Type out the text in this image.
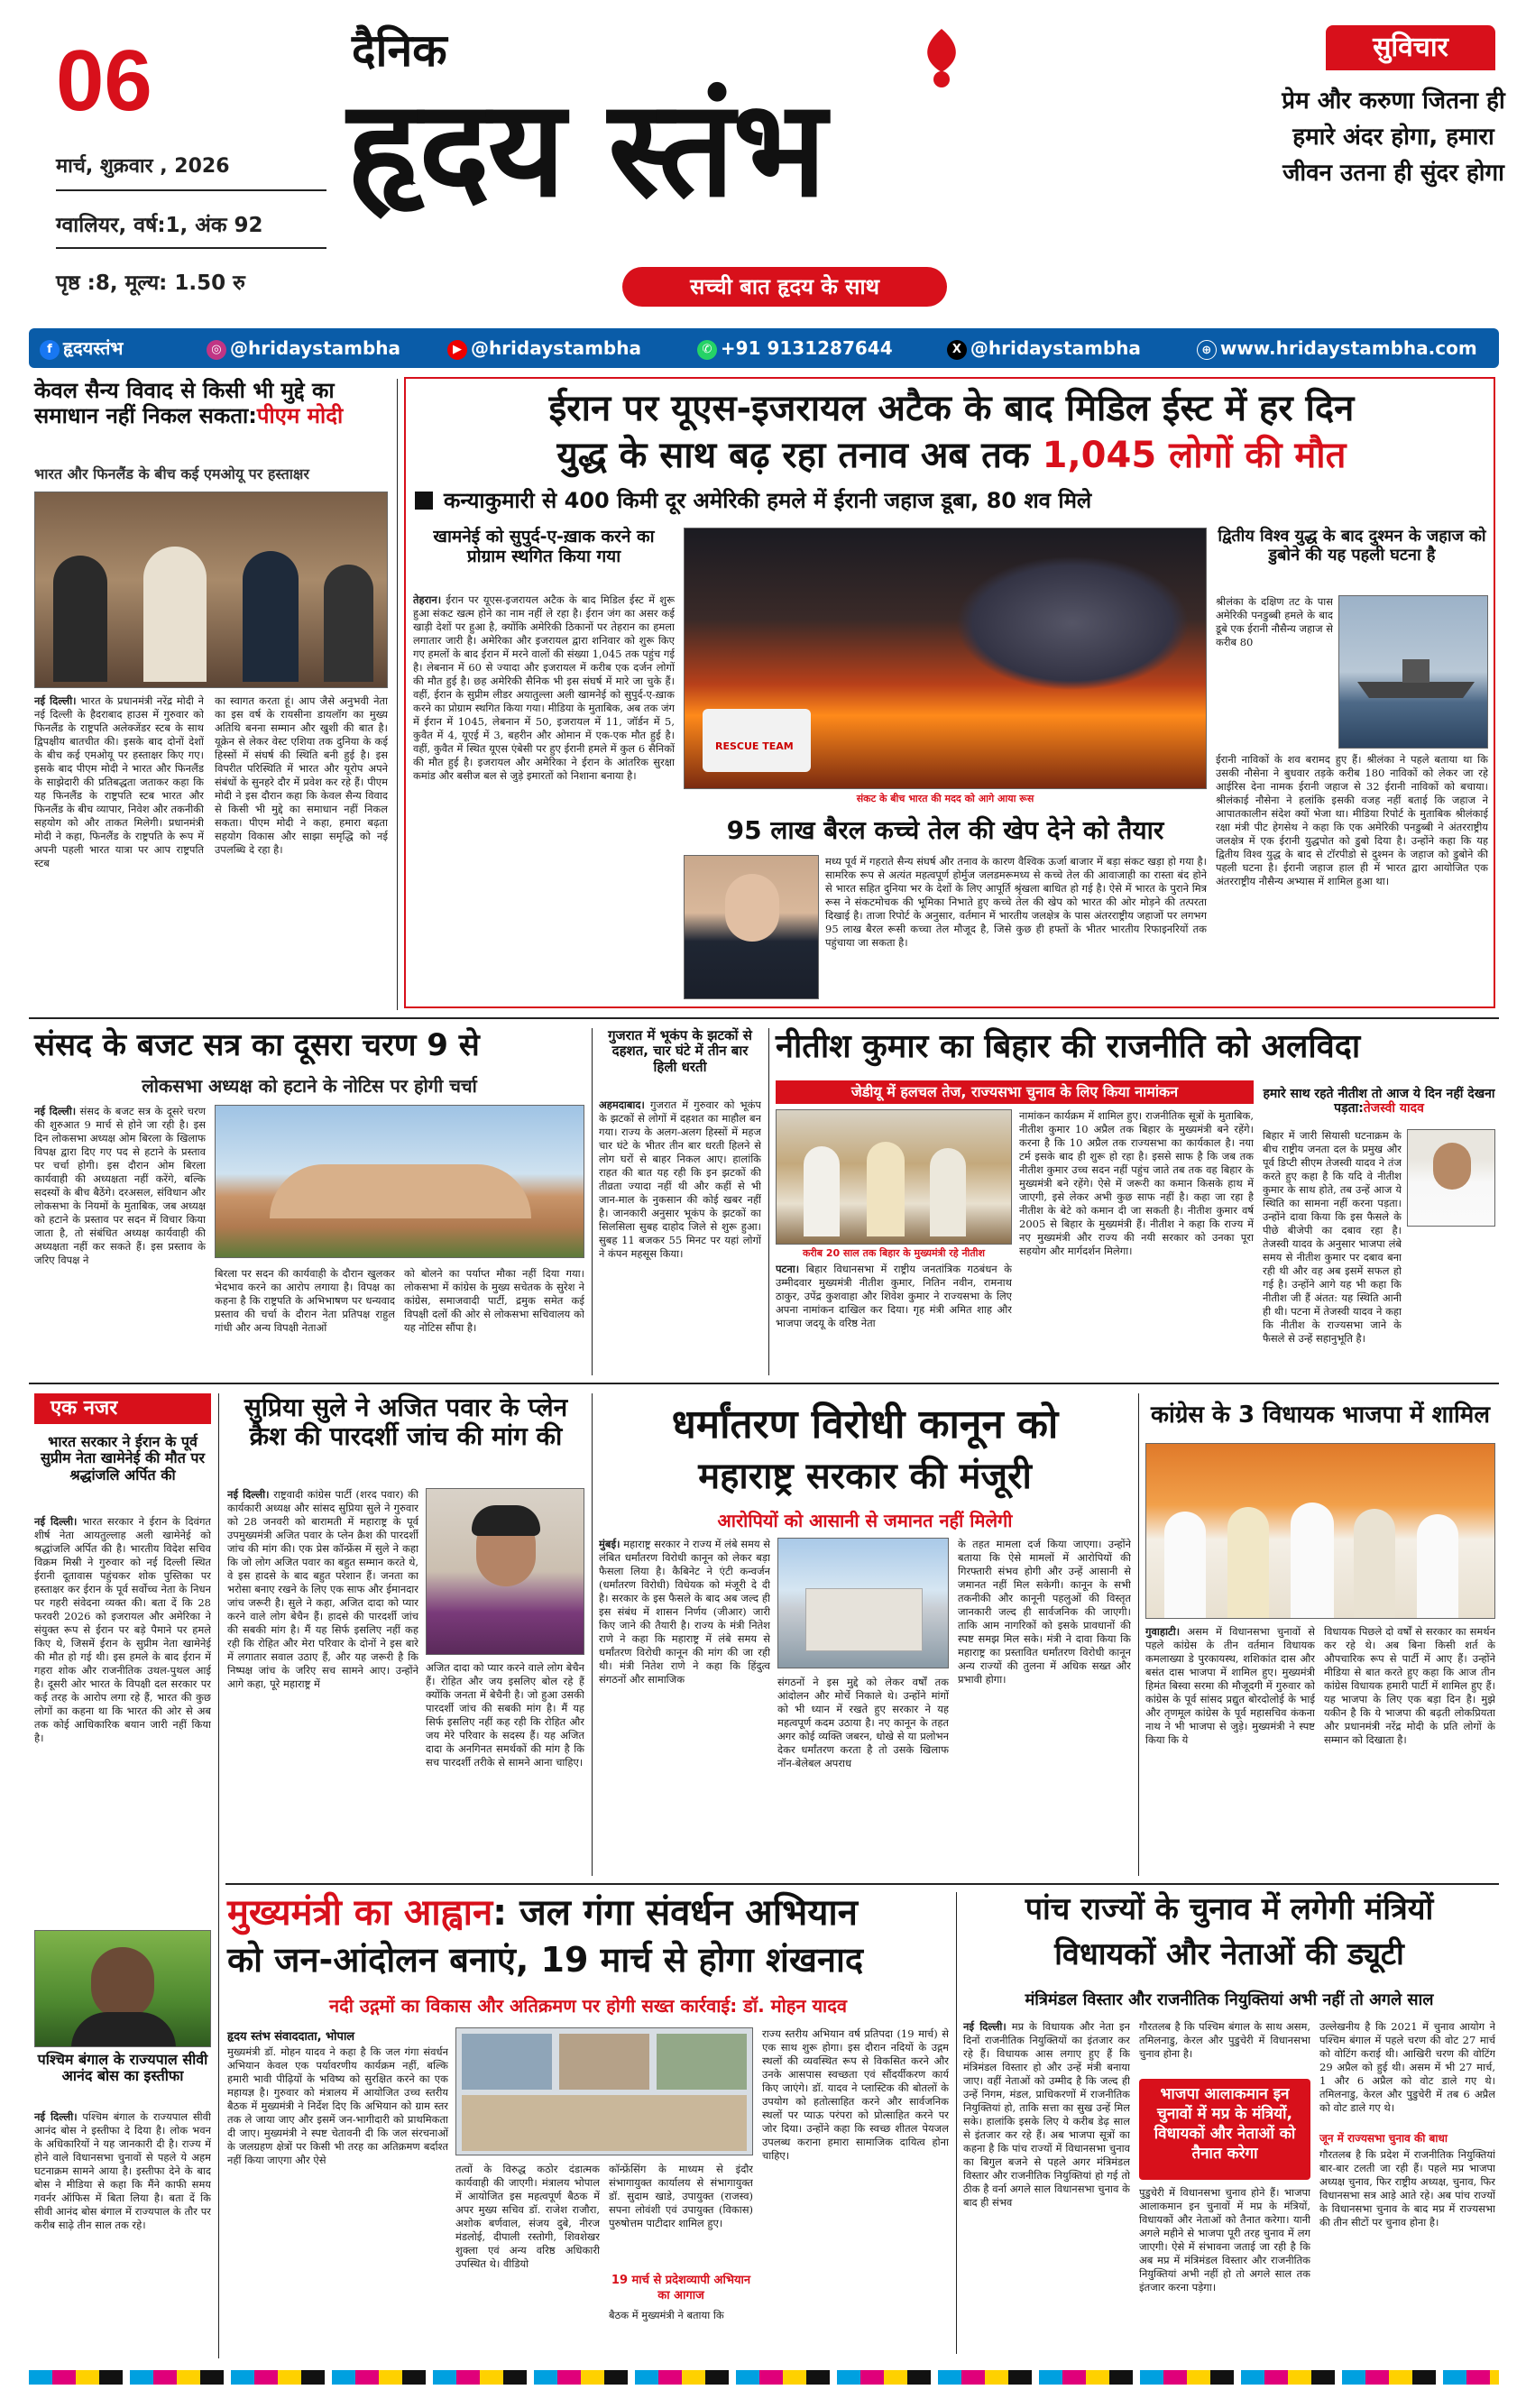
06
मार्च, शुक्रवार , 2026
ग्वालियर, वर्ष:1, अंक 92
पृष्ठ :8, मूल्य: 1.50 रु
दैनिक
हृदय स्तंभ
सच्ची बात हृदय के साथ
सुविचार
प्रेम और करुणा जितना ही हमारे अंदर होगा, हमारा जीवन उतना ही सुंदर होगा
f हृदयस्तंभ	◎ @hridaystambha	▶ @hridaystambha	✆ +91 9131287644	X @hridaystambha	⊕ www.hridaystambha.com
केवल सैन्य विवाद से किसी भी मुद्दे का समाधान नहीं निकल सकता:पीएम मोदी
भारत और फिनलैंड के बीच कई एमओयू पर हस्ताक्षर
नई दिल्ली। भारत के प्रधानमंत्री नरेंद्र मोदी ने नई दिल्ली के हैदराबाद हाउस में गुरुवार को फिनलैंड के राष्ट्रपति अलेक्जेंडर स्टब के साथ द्विपक्षीय बातचीत की। इसके बाद दोनों देशों के बीच कई एमओयू पर हस्ताक्षर किए गए। इसके बाद पीएम मोदी ने भारत और फिनलैंड के साझेदारी की प्रतिबद्धता जताकर कहा कि यह फिनलैंड के राष्ट्रपति स्टब भारत और फिनलैंड के बीच व्यापार, निवेश और तकनीकी सहयोग को और ताकत मिलेगी। प्रधानमंत्री मोदी ने कहा, फिनलैंड के राष्ट्रपति के रूप में अपनी पहली भारत यात्रा पर आप राष्ट्रपति स्टब
का स्वागत करता हूं। आप जैसे अनुभवी नेता का इस वर्ष के रायसीना डायलॉग का मुख्य अतिथि बनना सम्मान और खुशी की बात है। यूक्रेन से लेकर वेस्ट एशिया तक दुनिया के कई हिस्सों में संघर्ष की स्थिति बनी हुई है। इस विपरीत परिस्थिति में भारत और यूरोप अपने संबंधों के सुनहरे दौर में प्रवेश कर रहे हैं। पीएम मोदी ने इस दौरान कहा कि केवल सैन्य विवाद से किसी भी मुद्दे का समाधान नहीं निकल सकता। पीएम मोदी ने कहा, हमारा बढ़ता सहयोग विकास और साझा समृद्धि को नई उपलब्धि दे रहा है।
ईरान पर यूएस-इजरायल अटैक के बाद मिडिल ईस्ट में हर दिन
युद्ध के साथ बढ़ रहा तनाव अब तक 1,045 लोगों की मौत
कन्याकुमारी से 400 किमी दूर अमेरिकी हमले में ईरानी जहाज डूबा, 80 शव मिले
खामनेई को सुपुर्द-ए-ख़ाक करने का प्रोग्राम स्थगित किया गया
तेहरान। ईरान पर यूएस-इजरायल अटैक के बाद मिडिल ईस्ट में शुरू हुआ संकट खत्म होने का नाम नहीं ले रहा है। ईरान जंग का असर कई खाड़ी देशों पर हुआ है, क्योंकि अमेरिकी ठिकानों पर तेहरान का हमला लगातार जारी है। अमेरिका और इजरायल द्वारा शनिवार को शुरू किए गए हमलों के बाद ईरान में मरने वालों की संख्या 1,045 तक पहुंच गई है। लेबनान में 60 से ज्यादा और इजरायल में करीब एक दर्जन लोगों की मौत हुई है। छह अमेरिकी सैनिक भी इस संघर्ष में मारे जा चुके हैं। वहीं, ईरान के सुप्रीम लीडर अयातुल्ला अली खामनेई को सुपुर्द-ए-ख़ाक करने का प्रोग्राम स्थगित किया गया। मीडिया के मुताबिक, अब तक जंग में ईरान में 1045, लेबनान में 50, इजरायल में 11, जॉर्डन में 5, कुवैत में 4, यूएई में 3, बहरीन और ओमान में एक-एक मौत हुई है। वहीं, कुवैत में स्थित यूएस एंबेसी पर हुए ईरानी हमले में कुल 6 सैनिकों की मौत हुई है। इजरायल और अमेरिका ने ईरान के आंतरिक सुरक्षा कमांड और बसीज बल से जुड़े इमारतों को निशाना बनाया है।
RESCUE TEAM
संकट के बीच भारत की मदद को आगे आया रूस
95 लाख बैरल कच्चे तेल की खेप देने को तैयार
मध्य पूर्व में गहराते सैन्य संघर्ष और तनाव के कारण वैश्विक ऊर्जा बाजार में बड़ा संकट खड़ा हो गया है। सामरिक रूप से अत्यंत महत्वपूर्ण होर्मुज जलडमरूमध्य से कच्चे तेल की आवाजाही का रास्ता बंद होने से भारत सहित दुनिया भर के देशों के लिए आपूर्ति श्रृंखला बाधित हो गई है। ऐसे में भारत के पुराने मित्र रूस ने संकटमोचक की भूमिका निभाते हुए कच्चे तेल की खेप को भारत की ओर मोड़ने की तत्परता दिखाई है। ताजा रिपोर्ट के अनुसार, वर्तमान में भारतीय जलक्षेत्र के पास अंतरराष्ट्रीय जहाजों पर लगभग 95 लाख बैरल रूसी कच्चा तेल मौजूद है, जिसे कुछ ही हफ्तों के भीतर भारतीय रिफाइनरियों तक पहुंचाया जा सकता है।
द्वितीय विश्व युद्ध के बाद दुश्मन के जहाज को डुबोने की यह पहली घटना है
श्रीलंका के दक्षिण तट के पास अमेरिकी पनडुब्बी हमले के बाद डूबे एक ईरानी नौसैन्य जहाज से करीब 80
ईरानी नाविकों के शव बरामद हुए हैं। श्रीलंका ने पहले बताया था कि उसकी नौसेना ने बुधवार तड़के करीब 180 नाविकों को लेकर जा रहे आईरिस देना नामक ईरानी जहाज से 32 ईरानी नाविकों को बचाया। श्रीलंकाई नौसेना ने हलांकि इसकी वजह नहीं बताई कि जहाज ने आपातकालीन संदेश क्यों भेजा था। मीडिया रिपोर्ट के मुताबिक श्रीलंकाई रक्षा मंत्री पीट हेगसेथ ने कहा कि एक अमेरिकी पनडुब्बी ने अंतरराष्ट्रीय जलक्षेत्र में एक ईरानी युद्धपोत को डुबो दिया है। उन्होंने कहा कि यह द्वितीय विश्व युद्ध के बाद से टॉरपीडो से दुश्मन के जहाज को डुबोने की पहली घटना है। ईरानी जहाज हाल ही में भारत द्वारा आयोजित एक अंतरराष्ट्रीय नौसैन्य अभ्यास में शामिल हुआ था।
संसद के बजट सत्र का दूसरा चरण 9 से
लोकसभा अध्यक्ष को हटाने के नोटिस पर होगी चर्चा
नई दिल्ली। संसद के बजट सत्र के दूसरे चरण की शुरुआत 9 मार्च से होने जा रही है। इस दिन लोकसभा अध्यक्ष ओम बिरला के खिलाफ विपक्ष द्वारा दिए गए पद से हटाने के प्रस्ताव पर चर्चा होगी। इस दौरान ओम बिरला कार्यवाही की अध्यक्षता नहीं करेंगे, बल्कि सदस्यों के बीच बैठेंगे। दरअसल, संविधान और लोकसभा के नियमों के मुताबिक, जब अध्यक्ष को हटाने के प्रस्ताव पर सदन में विचार किया जाता है, तो संबंधित अध्यक्ष कार्यवाही की अध्यक्षता नहीं कर सकते हैं। इस प्रस्ताव के जरिए विपक्ष ने
बिरला पर सदन की कार्यवाही के दौरान खुलकर भेदभाव करने का आरोप लगाया है। विपक्ष का कहना है कि राष्ट्रपति के अभिभाषण पर धन्यवाद प्रस्ताव की चर्चा के दौरान नेता प्रतिपक्ष राहुल गांधी और अन्य विपक्षी नेताओं
को बोलने का पर्याप्त मौका नहीं दिया गया। लोकसभा में कांग्रेस के मुख्य सचेतक के सुरेश ने कांग्रेस, समाजवादी पार्टी, द्रमुक समेत कई विपक्षी दलों की ओर से लोकसभा सचिवालय को यह नोटिस सौंपा है।
गुजरात में भूकंप के झटकों से दहशत, चार घंटे में तीन बार हिली धरती
अहमदाबाद। गुजरात में गुरुवार को भूकंप के झटकों से लोगों में दहशत का माहौल बन गया। राज्य के अलग-अलग हिस्सों में महज चार घंटे के भीतर तीन बार धरती हिलने से लोग घरों से बाहर निकल आए। हालांकि राहत की बात यह रही कि इन झटकों की तीव्रता ज्यादा नहीं थी और कहीं से भी जान-माल के नुकसान की कोई खबर नहीं है। जानकारी अनुसार भूकंप के झटकों का सिलसिला सुबह दाहोद जिले से शुरू हुआ। सुबह 11 बजकर 55 मिनट पर यहां लोगों ने कंपन महसूस किया।
नीतीश कुमार का बिहार की राजनीति को अलविदा
जेडीयू में हलचल तेज, राज्यसभा चुनाव के लिए किया नामांकन
करीब 20 साल तक बिहार के मुख्यमंत्री रहे नीतीश
पटना। बिहार विधानसभा में राष्ट्रीय जनतांत्रिक गठबंधन के उम्मीदवार मुख्यमंत्री नीतीश कुमार, नितिन नवीन, रामनाथ ठाकुर, उपेंद्र कुशवाहा और शिवेश कुमार ने राज्यसभा के लिए अपना नामांकन दाखिल कर दिया। गृह मंत्री अमित शाह और भाजपा जदयू के वरिष्ठ नेता
नामांकन कार्यक्रम में शामिल हुए। राजनीतिक सूत्रों के मुताबिक, नीतीश कुमार 10 अप्रैल तक बिहार के मुख्यमंत्री बने रहेंगे। करना है कि 10 अप्रैल तक राज्यसभा का कार्यकाल है। नया टर्म इसके बाद ही शुरू हो रहा है। इससे साफ है कि जब तक नीतीश कुमार उच्च सदन नहीं पहुंच जाते तब तक वह बिहार के मुख्यमंत्री बने रहेंगे। ऐसे में जरूरी का कमान किसके हाथ में जाएगी, इसे लेकर अभी कुछ साफ नहीं है। कहा जा रहा है नीतीश के बेटे को कमान दी जा सकती है। नीतीश कुमार वर्ष 2005 से बिहार के मुख्यमंत्री हैं। नीतीश ने कहा कि राज्य में नए मुख्यमंत्री और राज्य की नयी सरकार को उनका पूरा सहयोग और मार्गदर्शन मिलेगा।
हमारे साथ रहते नीतीश तो आज ये दिन नहीं देखना पड़ता:तेजस्वी यादव
बिहार में जारी सियासी घटनाक्रम के बीच राष्ट्रीय जनता दल के प्रमुख और पूर्व डिप्टी सीएम तेजस्वी यादव ने तंज करते हुए कहा है कि यदि वे नीतीश कुमार के साथ होते, तब उन्हें आज ये स्थिति का सामना नहीं करना पड़ता। उन्होंने दावा किया कि इस फैसले के पीछे बीजेपी का दबाव रहा है। तेजस्वी यादव के अनुसार भाजपा लंबे समय से नीतीश कुमार पर दबाव बना रही थी और वह अब इसमें सफल हो गई है। उन्होंने आगे यह भी कहा कि नीतीश जी हैं अंतत: यह स्थिति आनी ही थी। पटना में तेजस्वी यादव ने कहा कि नीतीश के राज्यसभा जाने के फैसले से उन्हें सहानुभूति है।
एक नजर
भारत सरकार ने ईरान के पूर्व सुप्रीम नेता खामेनेई की मौत पर श्रद्धांजलि अर्पित की
नई दिल्ली। भारत सरकार ने ईरान के दिवंगत शीर्ष नेता आयतुल्लाह अली खामेनेई को श्रद्धांजलि अर्पित की है। भारतीय विदेश सचिव विक्रम मिस्री ने गुरुवार को नई दिल्ली स्थित ईरानी दूतावास पहुंचकर शोक पुस्तिका पर हस्ताक्षर कर ईरान के पूर्व सर्वोच्च नेता के निधन पर गहरी संवेदना व्यक्त की। बता दें कि 28 फरवरी 2026 को इजरायल और अमेरिका ने संयुक्त रूप से ईरान पर बड़े पैमाने पर हमले किए थे, जिसमें ईरान के सुप्रीम नेता खामेनेई की मौत हो गई थी। इस हमले के बाद ईरान में गहरा शोक और राजनीतिक उथल-पुथल आई है। दूसरी ओर भारत के विपक्षी दल सरकार पर कई तरह के आरोप लगा रहे हैं, भारत की कुछ लोगों का कहना था कि भारत की ओर से अब तक कोई आधिकारिक बयान जारी नहीं किया है।
पश्चिम बंगाल के राज्यपाल सीवी आनंद बोस का इस्तीफा
नई दिल्ली। पश्चिम बंगाल के राज्यपाल सीवी आनंद बोस ने इस्तीफा दे दिया है। लोक भवन के अधिकारियों ने यह जानकारी दी है। राज्य में होने वाले विधानसभा चुनावों से पहले ये अहम घटनाक्रम सामने आया है। इस्तीफा देने के बाद बोस ने मीडिया से कहा कि मैंने काफी समय गवर्नर ऑफिस में बिता लिया है। बता दें कि सीवी आनंद बोस बंगाल में राज्यपाल के तौर पर करीब साढ़े तीन साल तक रहे।
सुप्रिया सुले ने अजित पवार के प्लेन क्रैश की पारदर्शी जांच की मांग की
नई दिल्ली। राष्ट्रवादी कांग्रेस पार्टी (शरद पवार) की कार्यकारी अध्यक्ष और सांसद सुप्रिया सुले ने गुरुवार को 28 जनवरी को बारामती में महाराष्ट्र के पूर्व उपमुख्यमंत्री अजित पवार के प्लेन क्रैश की पारदर्शी जांच की मांग की। एक प्रेस कॉन्फ्रेंस में सुले ने कहा कि जो लोग अजित पवार का बहुत सम्मान करते थे, वे इस हादसे के बाद बहुत परेशान हैं। जनता का भरोसा बनाए रखने के लिए एक साफ और ईमानदार जांच जरूरी है। सुले ने कहा, अजित दादा को प्यार करने वाले लोग बेचैन हैं। हादसे की पारदर्शी जांच की सबकी मांग है। मैं यह सिर्फ इसलिए नहीं कह रही कि रोहित और मेरा परिवार के दोनों ने इस बारे में लगातार सवाल उठाए हैं, और यह जरूरी है कि निष्पक्ष जांच के जरिए सच सामने आए। उन्होंने आगे कहा, पूरे महाराष्ट्र में
अजित दादा को प्यार करने वाले लोग बेचैन हैं। रोहित और जय इसलिए बोल रहे हैं क्योंकि जनता में बेचैनी है। जो हुआ उसकी पारदर्शी जांच की सबकी मांग है। मैं यह सिर्फ इसलिए नहीं कह रही कि रोहित और जय मेरे परिवार के सदस्य हैं। यह अजित दादा के अनगिनत समर्थकों की मांग है कि सच पारदर्शी तरीके से सामने आना चाहिए।
धर्मांतरण विरोधी कानून को
महाराष्ट्र सरकार की मंजूरी
आरोपियों को आसानी से जमानत नहीं मिलेगी
मुंबई। महाराष्ट्र सरकार ने राज्य में लंबे समय से लंबित धर्मांतरण विरोधी कानून को लेकर बड़ा फैसला लिया है। कैबिनेट ने एंटी कन्वर्जन (धर्मांतरण विरोधी) विधेयक को मंजूरी दे दी है। सरकार के इस फैसले के बाद अब जल्द ही इस संबंध में शासन निर्णय (जीआर) जारी किए जाने की तैयारी है। राज्य के मंत्री नितेश राणे ने कहा कि महाराष्ट्र में लंबे समय से धर्मांतरण विरोधी कानून की मांग की जा रही थी। मंत्री नितेश राणे ने कहा कि हिंदुत्व संगठनों और सामाजिक	संगठनों ने इस मुद्दे को लेकर वर्षों तक आंदोलन और मोर्चे निकाले थे। उन्होंने मांगों को भी ध्यान में रखते हुए सरकार ने यह महत्वपूर्ण कदम उठाया है। नए कानून के तहत अगर कोई व्यक्ति जबरन, धोखे से या प्रलोभन देकर धर्मांतरण करता है तो उसके खिलाफ नॉन-बेलेबल अपराध
के तहत मामला दर्ज किया जाएगा। उन्होंने बताया कि ऐसे मामलों में आरोपियों की गिरफ्तारी संभव होगी और उन्हें आसानी से जमानत नहीं मिल सकेगी। कानून के सभी तकनीकी और कानूनी पहलुओं की विस्तृत जानकारी जल्द ही सार्वजनिक की जाएगी। ताकि आम नागरिकों को इसके प्रावधानों की स्पष्ट समझ मिल सके। मंत्री ने दावा किया कि महाराष्ट्र का प्रस्तावित धर्मांतरण विरोधी कानून अन्य राज्यों की तुलना में अधिक सख्त और प्रभावी होगा।
कांग्रेस के 3 विधायक भाजपा में शामिल
गुवाहाटी। असम में विधानसभा चुनावों से पहले कांग्रेस के तीन वर्तमान विधायक कमलाख्या डे पुरकायस्थ, शशिकांत दास और बसंत दास भाजपा में शामिल हुए। मुख्यमंत्री हिमंत बिस्वा सरमा की मौजूदगी में गुरुवार को कांग्रेस के पूर्व सांसद प्रद्युत बोरदोलोई के भाई और तृणमूल कांग्रेस के पूर्व महासचिव कंकना नाथ ने भी भाजपा से जुड़े। मुख्यमंत्री ने स्पष्ट किया कि ये
विधायक पिछले दो वर्षों से सरकार का समर्थन कर रहे थे। अब बिना किसी शर्त के औपचारिक रूप से पार्टी में आए हैं। उन्होंने मीडिया से बात करते हुए कहा कि आज तीन कांग्रेस विधायक हमारी पार्टी में शामिल हुए हैं। यह भाजपा के लिए एक बड़ा दिन है। मुझे यकीन है कि ये भाजपा की बढ़ती लोकप्रियता और प्रधानमंत्री नरेंद्र मोदी के प्रति लोगों के सम्मान को दिखाता है।
मुख्यमंत्री का आह्वान: जल गंगा संवर्धन अभियान
को जन-आंदोलन बनाएं, 19 मार्च से होगा शंखनाद
नदी उद्गमों का विकास और अतिक्रमण पर होगी सख्त कार्रवाई: डॉ. मोहन यादव
हृदय स्तंभ संवाददाता, भोपाल
मुख्यमंत्री डॉ. मोहन यादव ने कहा है कि जल गंगा संवर्धन अभियान केवल एक पर्यावरणीय कार्यक्रम नहीं, बल्कि हमारी भावी पीढ़ियों के भविष्य को सुरक्षित करने का एक महायज्ञ है। गुरुवार को मंत्रालय में आयोजित उच्च स्तरीय बैठक में मुख्यमंत्री ने निर्देश दिए कि अभियान को ग्राम स्तर तक ले जाया जाए और इसमें जन-भागीदारी को प्राथमिकता दी जाए। मुख्यमंत्री ने स्पष्ट चेतावनी दी कि जल संरचनाओं के जलग्रहण क्षेत्रों पर किसी भी तरह का अतिक्रमण बर्दाश्त नहीं किया जाएगा और ऐसे
तत्वों के विरुद्ध कठोर दंडात्मक कार्यवाही की जाएगी। मंत्रालय भोपाल में आयोजित इस महत्वपूर्ण बैठक में अपर मुख्य सचिव डॉ. राजेश राजौरा, अशोक बर्णवाल, संजय दुबे, नीरज मंडलोई, दीपाली रस्तोगी, शिवशेखर शुक्ला एवं अन्य वरिष्ठ अधिकारी उपस्थित थे। वीडियो
कॉन्फ्रेंसिंग के माध्यम से इंदौर संभागायुक्त कार्यालय से संभागायुक्त डॉ. सुदाम खाडे, उपायुक्त (राजस्व) सपना लोवंशी एवं उपायुक्त (विकास) पुरुषोत्तम पाटीदार शामिल हुए।
19 मार्च से प्रदेशव्यापी अभियान का आगाज
बैठक में मुख्यमंत्री ने बताया कि
राज्य स्तरीय अभियान वर्ष प्रतिपदा (19 मार्च) से एक साथ शुरू होगा। इस दौरान नदियों के उद्गम स्थलों की व्यवस्थित रूप से विकसित करने और उनके आसपास स्वच्छता एवं सौंदर्यीकरण कार्य किए जाएंगे। डॉ. यादव ने प्लास्टिक की बोतलों के उपयोग को हतोत्साहित करने और सार्वजनिक स्थलों पर प्याऊ परंपरा को प्रोत्साहित करने पर जोर दिया। उन्होंने कहा कि स्वच्छ शीतल पेयजल उपलब्ध कराना हमारा सामाजिक दायित्व होना चाहिए।
पांच राज्यों के चुनाव में लगेगी मंत्रियों
विधायकों और नेताओं की ड्यूटी
मंत्रिमंडल विस्तार और राजनीतिक नियुक्तियां अभी नहीं तो अगले साल
नई दिल्ली। मप्र के विधायक और नेता इन दिनों राजनीतिक नियुक्तियों का इंतजार कर रहे हैं। विधायक आस लगाए हुए हैं कि मंत्रिमंडल विस्तार हो और उन्हें मंत्री बनाया जाए। वहीं नेताओं को उम्मीद है कि जल्द ही उन्हें निगम, मंडल, प्राधिकरणों में राजनीतिक नियुक्तियां हो, ताकि सत्ता का सुख उन्हें मिल सके। हालांकि इसके लिए ये करीब डेढ़ साल से इंतजार कर रहे हैं। अब भाजपा सूत्रों का कहना है कि पांच राज्यों में विधानसभा चुनाव का बिगुल बजने से पहले अगर मंत्रिमंडल विस्तार और राजनीतिक नियुक्तियां हो गई तो ठीक है वर्ना अगले साल विधानसभा चुनाव के बाद ही संभव
गौरतलब है कि पश्चिम बंगाल के साथ असम, तमिलनाडु, केरल और पुडुचेरी में विधानसभा चुनाव होना है।
भाजपा आलाकमान इन चुनावों में मप्र के मंत्रियों, विधायकों और नेताओं को तैनात करेगा
पुडुचेरी में विधानसभा चुनाव होने हैं। भाजपा आलाकमान इन चुनावों में मप्र के मंत्रियों, विधायकों और नेताओं को तैनात करेगा। यानी अगले महीने से भाजपा पूरी तरह चुनाव में लग जाएगी। ऐसे में संभावना जताई जा रही है कि अब मप्र में मंत्रिमंडल विस्तार और राजनीतिक नियुक्तियां अभी नहीं हो तो अगले साल तक इंतजार करना पड़ेगा।
उल्लेखनीय है कि 2021 में चुनाव आयोग ने पश्चिम बंगाल में पहले चरण की वोट 27 मार्च को वोटिंग कराई थी। आखिरी चरण की वोटिंग 29 अप्रैल को हुई थी। असम में भी 27 मार्च, 1 और 6 अप्रैल को वोट डाले गए थे। तमिलनाडु, केरल और पुडुचेरी में तब 6 अप्रैल को वोट डाले गए थे।
जून में राज्यसभा चुनाव की बाधा
गौरतलब है कि प्रदेश में राजनीतिक नियुक्तियां बार-बार टलती जा रही हैं। पहले मप्र भाजपा अध्यक्ष चुनाव, फिर राष्ट्रीय अध्यक्ष, चुनाव, फिर विधानसभा सत्र आड़े आते रहे। अब पांच राज्यों के विधानसभा चुनाव के बाद मप्र में राज्यसभा की तीन सीटों पर चुनाव होना है।
